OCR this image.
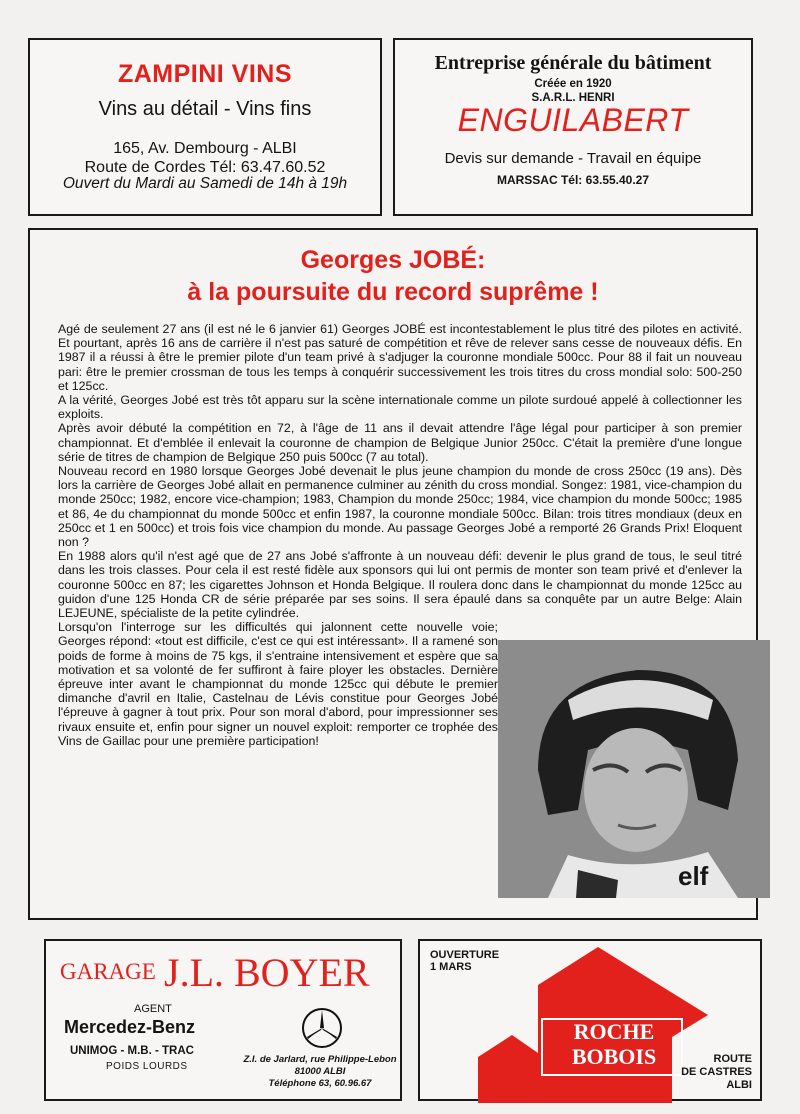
ZAMPINI VINS
Vins au détail - Vins fins
165, Av. Dembourg - ALBI
Route de Cordes Tél: 63.47.60.52
Ouvert du Mardi au Samedi de 14h à 19h
Entreprise générale du bâtiment
Créée en 1920
S.A.R.L. HENRI
ENGUILABERT
Devis sur demande - Travail en équipe
MARSSAC Tél: 63.55.40.27
Georges JOBÉ:
à la poursuite du record suprême !

Agé de seulement 27 ans (il est né le 6 janvier 61) Georges JOBÉ est incontestablement le plus titré des pilotes en activité. Et pourtant, après 16 ans de carrière il n'est pas saturé de compétition et rêve de relever sans cesse de nouveaux défis. En 1987 il a réussi à être le premier pilote d'un team privé à s'adjuger la couronne mondiale 500cc. Pour 88 il fait un nouveau pari: être le premier crossman de tous les temps à conquérir successivement les trois titres du cross mondial solo: 500-250 et 125cc.

A la vérité, Georges Jobé est très tôt apparu sur la scène internationale comme un pilote surdoué appelé à collectionner les exploits.

Après avoir débuté la compétition en 72, à l'âge de 11 ans il devait attendre l'âge légal pour participer à son premier championnat. Et d'emblée il enlevait la couronne de champion de Belgique Junior 250cc. C'était la première d'une longue série de titres de champion de Belgique 250 puis 500cc (7 au total).

Nouveau record en 1980 lorsque Georges Jobé devenait le plus jeune champion du monde de cross 250cc (19 ans). Dès lors la carrière de Georges Jobé allait en permanence culminer au zénith du cross mondial. Songez: 1981, vice-champion du monde 250cc; 1982, encore vice-champion; 1983, Champion du monde 250cc; 1984, vice champion du monde 500cc; 1985 et 86, 4e du championnat du monde 500cc et enfin 1987, la couronne mondiale 500cc. Bilan: trois titres mondiaux (deux en 250cc et 1 en 500cc) et trois fois vice champion du monde. Au passage Georges Jobé a remporté 26 Grands Prix! Eloquent non ?

En 1988 alors qu'il n'est agé que de 27 ans Jobé s'affronte à un nouveau défi: devenir le plus grand de tous, le seul titré dans les trois classes. Pour cela il est resté fidèle aux sponsors qui lui ont permis de monter son team privé et d'enlever la couronne 500cc en 87; les cigarettes Johnson et Honda Belgique. Il roulera donc dans le championnat du monde 125cc au guidon d'une 125 Honda CR de série préparée par ses soins. Il sera épaulé dans sa conquête par un autre Belge: Alain LEJEUNE, spécialiste de la petite cylindrée.

Lorsqu'on l'interroge sur les difficultés qui jalonnent cette nouvelle voie; Georges répond: «tout est difficile, c'est ce qui est intéressant». Il a ramené son poids de forme à moins de 75 kgs, il s'entraine intensivement et espère que sa motivation et sa volonté de fer suffiront à faire ployer les obstacles. Dernière épreuve inter avant le championnat du monde 125cc qui débute le premier dimanche d'avril en Italie, Castelnau de Lévis constitue pour Georges Jobé l'épreuve à gagner à tout prix. Pour son moral d'abord, pour impressionner ses rivaux ensuite et, enfin pour signer un nouvel exploit: remporter ce trophée des Vins de Gaillac pour une première participation!

elf
GARAGE J.L. BOYER
AGENT
Mercedez-Benz
UNIMOG - M.B. - TRAC
POIDS LOURDS
Z.I. de Jarlard, rue Philippe-Lebon
81000 ALBI
Téléphone 63, 60.96.67
OUVERTURE
1 MARS
ROCHE
BOBOIS	ROUTE
DE CASTRES
ALBI
